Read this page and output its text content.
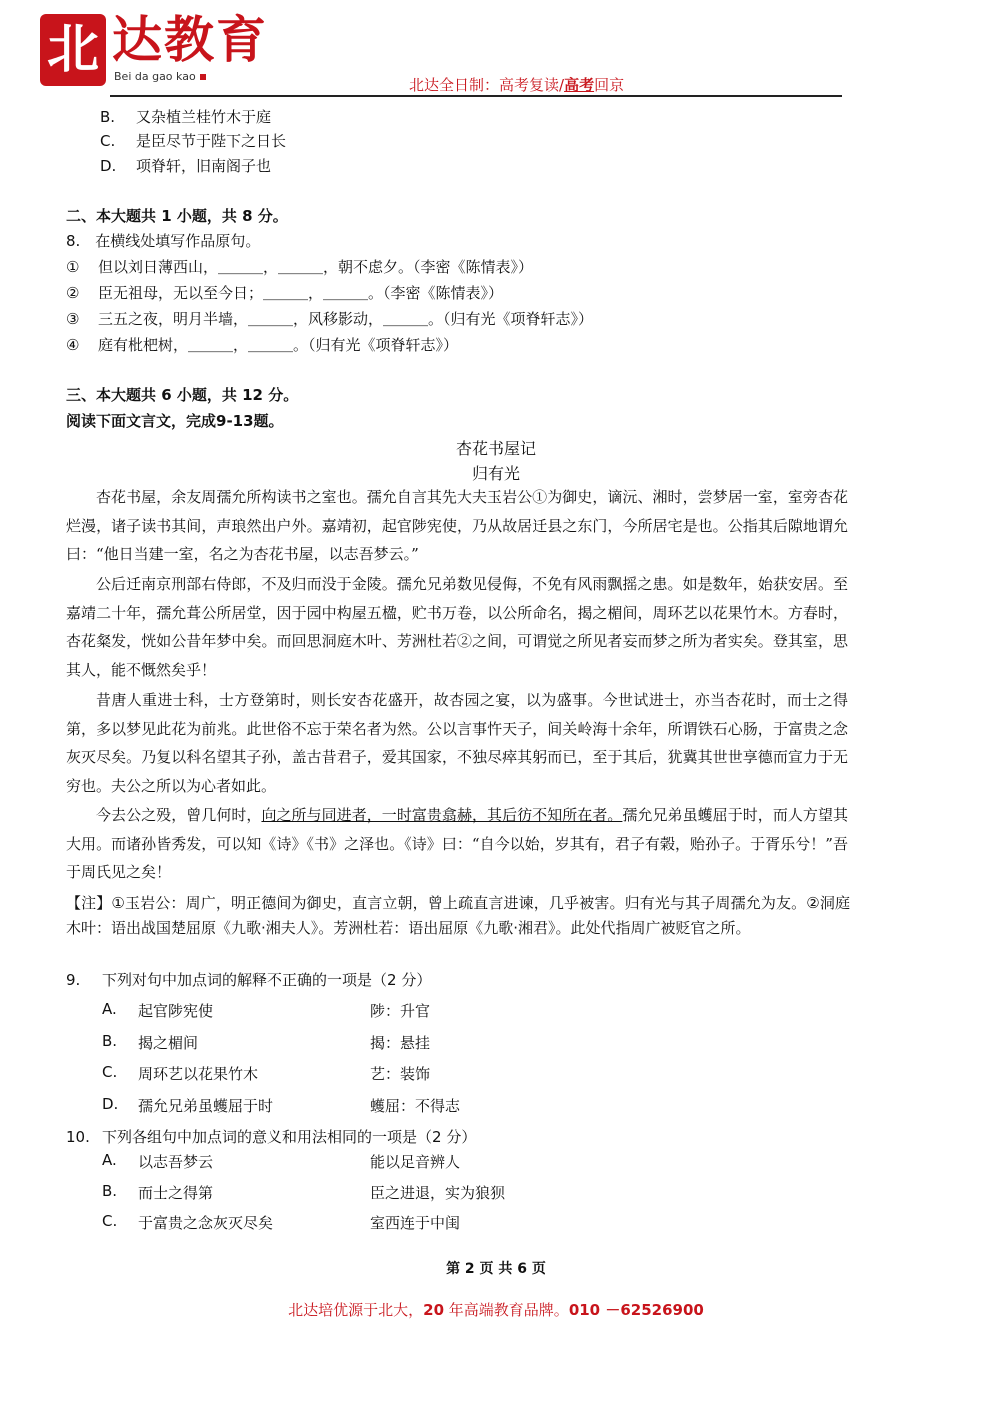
北 达教育
Bei da gao kao	北达全日制：高考复读/高考回京
B. 又杂植兰桂竹木于庭
C. 是臣尽节于陛下之日长
D. 项脊轩，旧南阁子也
二、本大题共 1 小题，共 8 分。
8.　在横线处填写作品原句。
① 但以刘日薄西山，＿＿＿，＿＿＿，朝不虑夕。（李密《陈情表》）
② 臣无祖母，无以至今日；＿＿＿，＿＿＿。（李密《陈情表》）
③ 三五之夜，明月半墙，＿＿＿，风移影动，＿＿＿。（归有光《项脊轩志》）
④ 庭有枇杷树，＿＿＿，＿＿＿。（归有光《项脊轩志》）
三、本大题共 6 小题，共 12 分。
阅读下面文言文，完成9-13题。
杏花书屋记
归有光
杏花书屋，余友周孺允所构读书之室也。孺允自言其先大夫玉岩公①为御史，谪沅、湘时，尝梦居一室，室旁杏花烂漫，诸子读书其间，声琅然出户外。嘉靖初，起官陟宪使，乃从故居迁县之东门，今所居宅是也。公指其后隙地谓允曰：“他日当建一室，名之为杏花书屋，以志吾梦云。”
公后迁南京刑部右侍郎，不及归而没于金陵。孺允兄弟数见侵侮，不免有风雨飘摇之患。如是数年，始获安居。至嘉靖二十年，孺允葺公所居堂，因于园中构屋五楹，贮书万卷，以公所命名，揭之楣间，周环艺以花果竹木。方春时，杏花粲发，恍如公昔年梦中矣。而回思洞庭木叶、芳洲杜若②之间，可谓觉之所见者妄而梦之所为者实矣。登其室，思其人，能不慨然矣乎！
昔唐人重进士科，士方登第时，则长安杏花盛开，故杏园之宴，以为盛事。今世试进士，亦当杏花时，而士之得第，多以梦见此花为前兆。此世俗不忘于荣名者为然。公以言事忤天子，间关岭海十余年，所谓铁石心肠，于富贵之念灰灭尽矣。乃复以科名望其子孙，盖古昔君子，爱其国家，不独尽瘁其躬而已，至于其后，犹冀其世世享德而宣力于无穷也。夫公之所以为心者如此。
今去公之殁，曾几何时，向之所与同进者，一时富贵翕赫，其后彷不知所在者。孺允兄弟虽蠖屈于时，而人方望其大用。而诸孙皆秀发，可以知《诗》《书》之泽也。《诗》曰：“自今以始，岁其有，君子有榖，贻孙子。于胥乐兮！”吾于周氏见之矣！
【注】①玉岩公：周广，明正德间为御史，直言立朝，曾上疏直言进谏，几乎被害。归有光与其子周孺允为友。②洞庭木叶：语出战国楚屈原《九歌·湘夫人》。芳洲杜若：语出屈原《九歌·湘君》。此处代指周广被贬官之所。
9. 下列对句中加点词的解释不正确的一项是（2 分）
A. 起官陟宪使	陟：升官
B. 揭之楣间	揭：悬挂
C. 周环艺以花果竹木	艺：装饰
D. 孺允兄弟虽蠖屈于时	蠖屈：不得志
10. 下列各组句中加点词的意义和用法相同的一项是（2 分）
A. 以志吾梦云	能以足音辨人
B. 而士之得第	臣之进退，实为狼狈
C. 于富贵之念灰灭尽矣	室西连于中闺
第 2 页 共 6 页
北达培优源于北大，20 年高端教育品牌。010 －62526900
